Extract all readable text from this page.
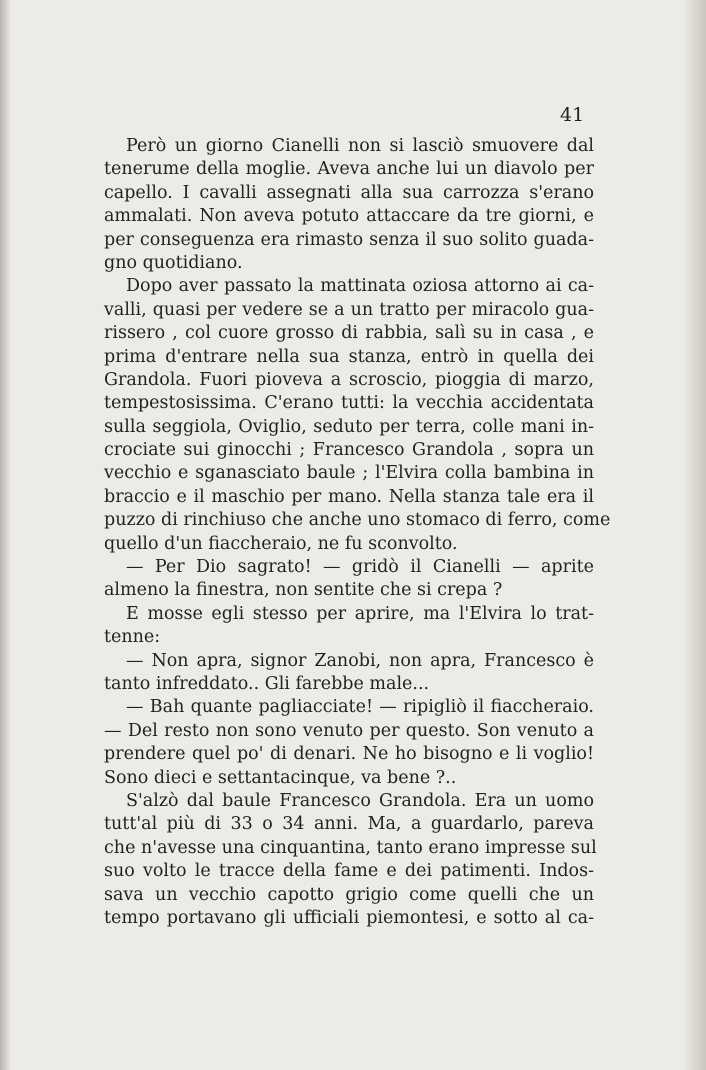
41
Però un giorno Cianelli non si lasciò smuovere dal
tenerume della moglie. Aveva anche lui un diavolo per
capello. I cavalli assegnati alla sua carrozza s'erano
ammalati. Non aveva potuto attaccare da tre giorni, e
per conseguenza era rimasto senza il suo solito guada-
gno quotidiano.
Dopo aver passato la mattinata oziosa attorno ai ca-
valli, quasi per vedere se a un tratto per miracolo gua-
rissero , col cuore grosso di rabbia, salì su in casa , e
prima d'entrare nella sua stanza, entrò in quella dei
Grandola. Fuori pioveva a scroscio, pioggia di marzo,
tempestosissima. C'erano tutti: la vecchia accidentata
sulla seggiola, Oviglio, seduto per terra, colle mani in-
crociate sui ginocchi ; Francesco Grandola , sopra un
vecchio e sganasciato baule ; l'Elvira colla bambina in
braccio e il maschio per mano. Nella stanza tale era il
puzzo di rinchiuso che anche uno stomaco di ferro, come
quello d'un fiaccheraio, ne fu sconvolto.
— Per Dio sagrato! — gridò il Cianelli — aprite
almeno la finestra, non sentite che si crepa ?
E mosse egli stesso per aprire, ma l'Elvira lo trat-
tenne:
— Non apra, signor Zanobi, non apra, Francesco è
tanto infreddato.. Gli farebbe male...
— Bah quante pagliacciate! — ripigliò il fiaccheraio.
— Del resto non sono venuto per questo. Son venuto a
prendere quel po' di denari. Ne ho bisogno e li voglio!
Sono dieci e settantacinque, va bene ?..
S'alzò dal baule Francesco Grandola. Era un uomo
tutt'al più di 33 o 34 anni. Ma, a guardarlo, pareva
che n'avesse una cinquantina, tanto erano impresse sul
suo volto le tracce della fame e dei patimenti. Indos-
sava un vecchio capotto grigio come quelli che un
tempo portavano gli ufficiali piemontesi, e sotto al ca-
